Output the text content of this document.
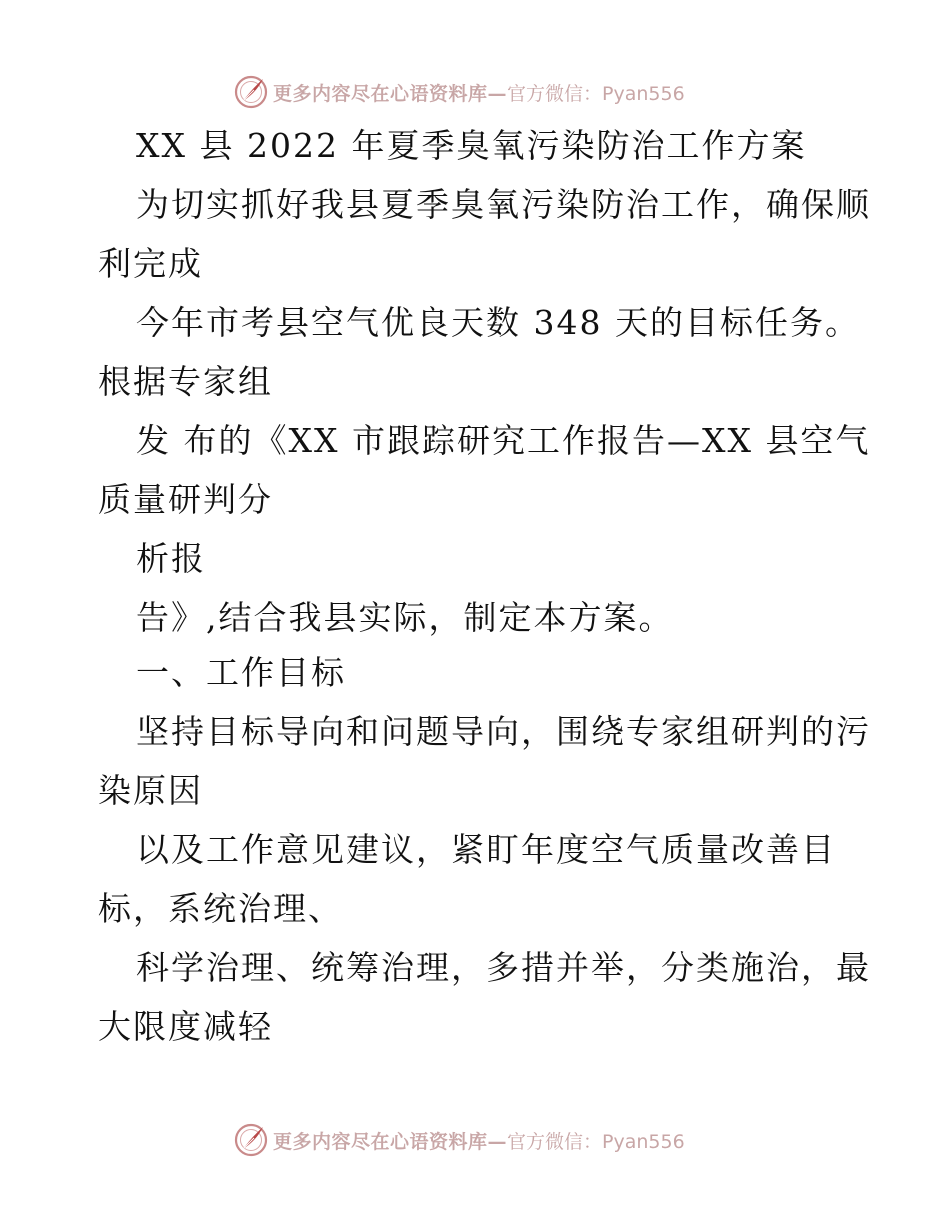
更多内容尽在心语资料库—官方微信：Pyan556
XX 县 2022 年夏季臭氧污染防治工作方案
为切实抓好我县夏季臭氧污染防治工作，确保顺
利完成
今年市考县空气优良天数 348 天的目标任务。
根据专家组
发 布的《XX 市跟踪研究工作报告—XX 县空气
质量研判分
析报
告》,结合我县实际，制定本方案。
一、工作目标
坚持目标导向和问题导向，围绕专家组研判的污
染原因
以及工作意见建议，紧盯年度空气质量改善目
标，系统治理、
科学治理、统筹治理，多措并举，分类施治，最
大限度减轻
更多内容尽在心语资料库—官方微信：Pyan556
